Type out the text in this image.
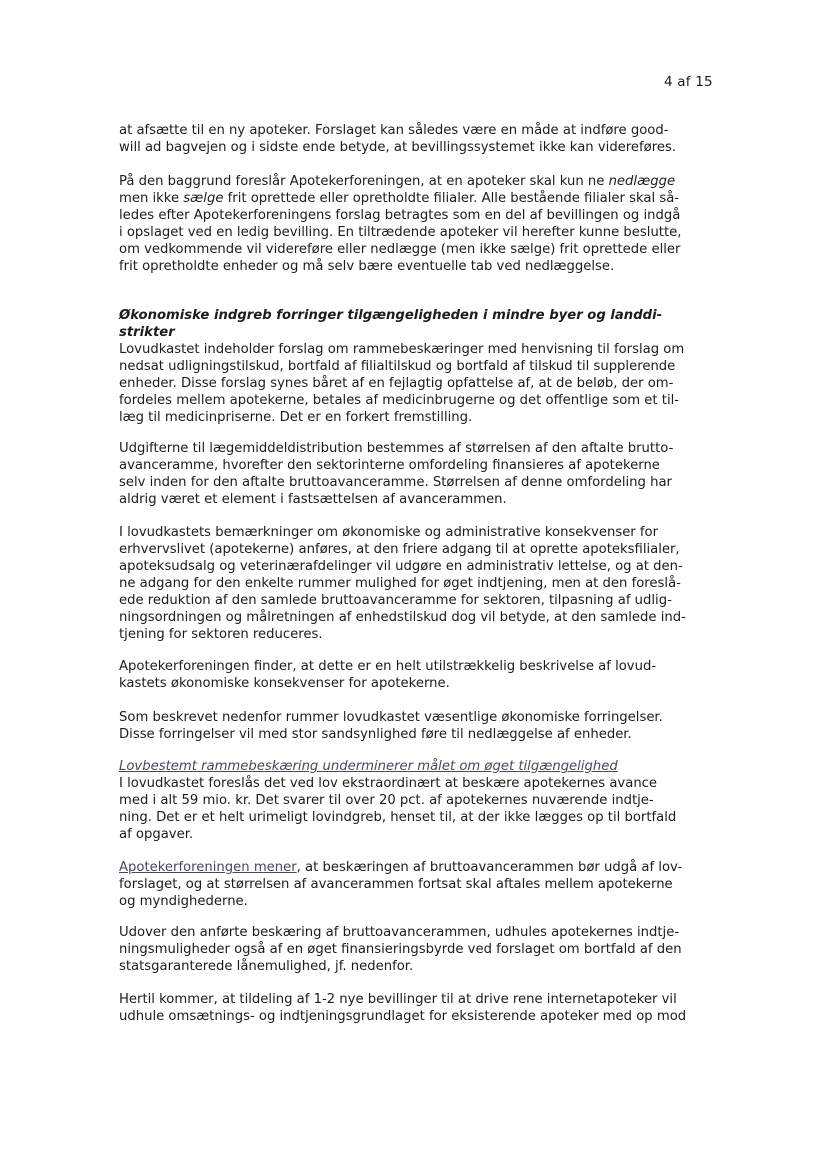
4 af 15
at afsætte til en ny apoteker. Forslaget kan således være en måde at indføre good-
will ad bagvejen og i sidste ende betyde, at bevillingssystemet ikke kan videreføres.
På den baggrund foreslår Apotekerforeningen, at en apoteker skal kun ne nedlægge
men ikke sælge frit oprettede eller opretholdte filialer. Alle bestående filialer skal så-
ledes efter Apotekerforeningens forslag betragtes som en del af bevillingen og indgå
i opslaget ved en ledig bevilling. En tiltrædende apoteker vil herefter kunne beslutte,
om vedkommende vil videreføre eller nedlægge (men ikke sælge) frit oprettede eller
frit opretholdte enheder og må selv bære eventuelle tab ved nedlæggelse.
Økonomiske indgreb forringer tilgængeligheden i mindre byer og landdi-
strikter
Lovudkastet indeholder forslag om rammebeskæringer med henvisning til forslag om
nedsat udligningstilskud, bortfald af filialtilskud og bortfald af tilskud til supplerende
enheder. Disse forslag synes båret af en fejlagtig opfattelse af, at de beløb, der om-
fordeles mellem apotekerne, betales af medicinbrugerne og det offentlige som et til-
læg til medicinpriserne. Det er en forkert fremstilling.
Udgifterne til lægemiddeldistribution bestemmes af størrelsen af den aftalte brutto-
avanceramme, hvorefter den sektorinterne omfordeling finansieres af apotekerne
selv inden for den aftalte bruttoavanceramme. Størrelsen af denne omfordeling har
aldrig været et element i fastsættelsen af avancerammen.
I lovudkastets bemærkninger om økonomiske og administrative konsekvenser for
erhvervslivet (apotekerne) anføres, at den friere adgang til at oprette apoteksfilialer,
apoteksudsalg og veterinærafdelinger vil udgøre en administrativ lettelse, og at den-
ne adgang for den enkelte rummer mulighed for øget indtjening, men at den foreslå-
ede reduktion af den samlede bruttoavanceramme for sektoren, tilpasning af udlig-
ningsordningen og målretningen af enhedstilskud dog vil betyde, at den samlede ind-
tjening for sektoren reduceres.
Apotekerforeningen finder, at dette er en helt utilstrækkelig beskrivelse af lovud-
kastets økonomiske konsekvenser for apotekerne.
Som beskrevet nedenfor rummer lovudkastet væsentlige økonomiske forringelser.
Disse forringelser vil med stor sandsynlighed føre til nedlæggelse af enheder.
Lovbestemt rammebeskæring underminerer målet om øget tilgængelighed
I lovudkastet foreslås det ved lov ekstraordinært at beskære apotekernes avance
med i alt 59 mio. kr. Det svarer til over 20 pct. af apotekernes nuværende indtje-
ning. Det er et helt urimeligt lovindgreb, henset til, at der ikke lægges op til bortfald
af opgaver.
Apotekerforeningen mener, at beskæringen af bruttoavancerammen bør udgå af lov-
forslaget, og at størrelsen af avancerammen fortsat skal aftales mellem apotekerne
og myndighederne.
Udover den anførte beskæring af bruttoavancerammen, udhules apotekernes indtje-
ningsmuligheder også af en øget finansieringsbyrde ved forslaget om bortfald af den
statsgaranterede lånemulighed, jf. nedenfor.
Hertil kommer, at tildeling af 1-2 nye bevillinger til at drive rene internetapoteker vil
udhule omsætnings- og indtjeningsgrundlaget for eksisterende apoteker med op mod
